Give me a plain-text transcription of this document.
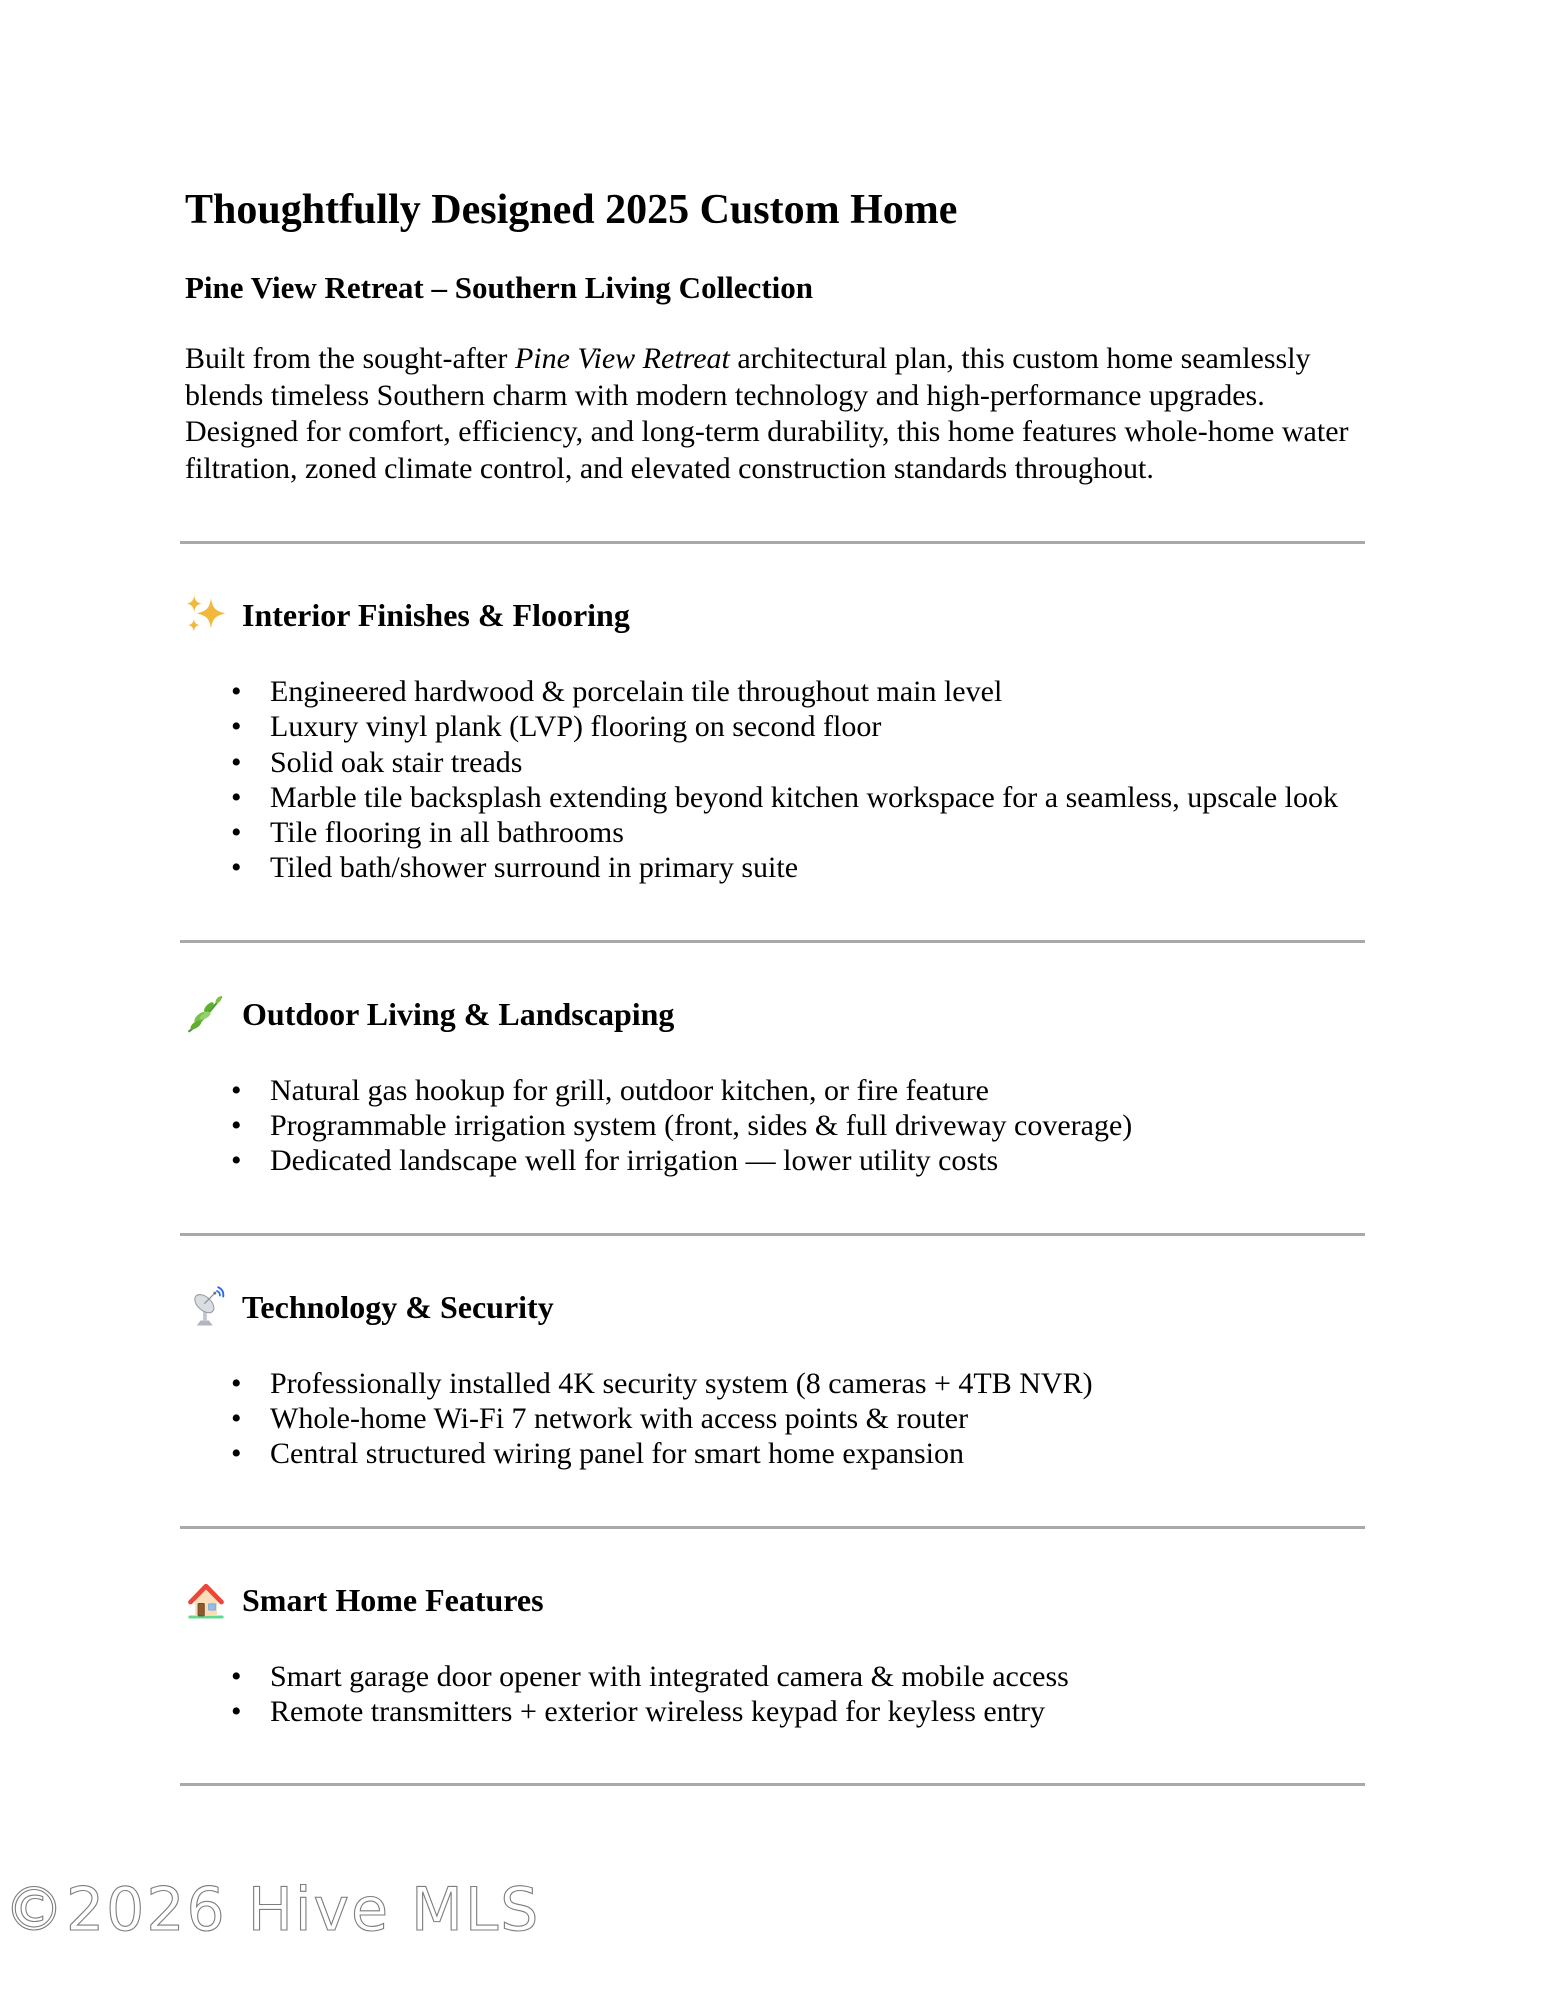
Thoughtfully Designed 2025 Custom Home
Pine View Retreat – Southern Living Collection

Built from the sought-after Pine View Retreat architectural plan, this custom home seamlessly blends timeless Southern charm with modern technology and high-performance upgrades. Designed for comfort, efficiency, and long-term durability, this home features whole-home water filtration, zoned climate control, and elevated construction standards throughout.

Interior Finishes & Flooring
• Engineered hardwood & porcelain tile throughout main level
• Luxury vinyl plank (LVP) flooring on second floor
• Solid oak stair treads
• Marble tile backsplash extending beyond kitchen workspace for a seamless, upscale look
• Tile flooring in all bathrooms
• Tiled bath/shower surround in primary suite
Outdoor Living & Landscaping
• Natural gas hookup for grill, outdoor kitchen, or fire feature
• Programmable irrigation system (front, sides & full driveway coverage)
• Dedicated landscape well for irrigation — lower utility costs
Technology & Security
• Professionally installed 4K security system (8 cameras + 4TB NVR)
• Whole-home Wi-Fi 7 network with access points & router
• Central structured wiring panel for smart home expansion
Smart Home Features
• Smart garage door opener with integrated camera & mobile access
• Remote transmitters + exterior wireless keypad for keyless entry
©2026 Hive MLS
